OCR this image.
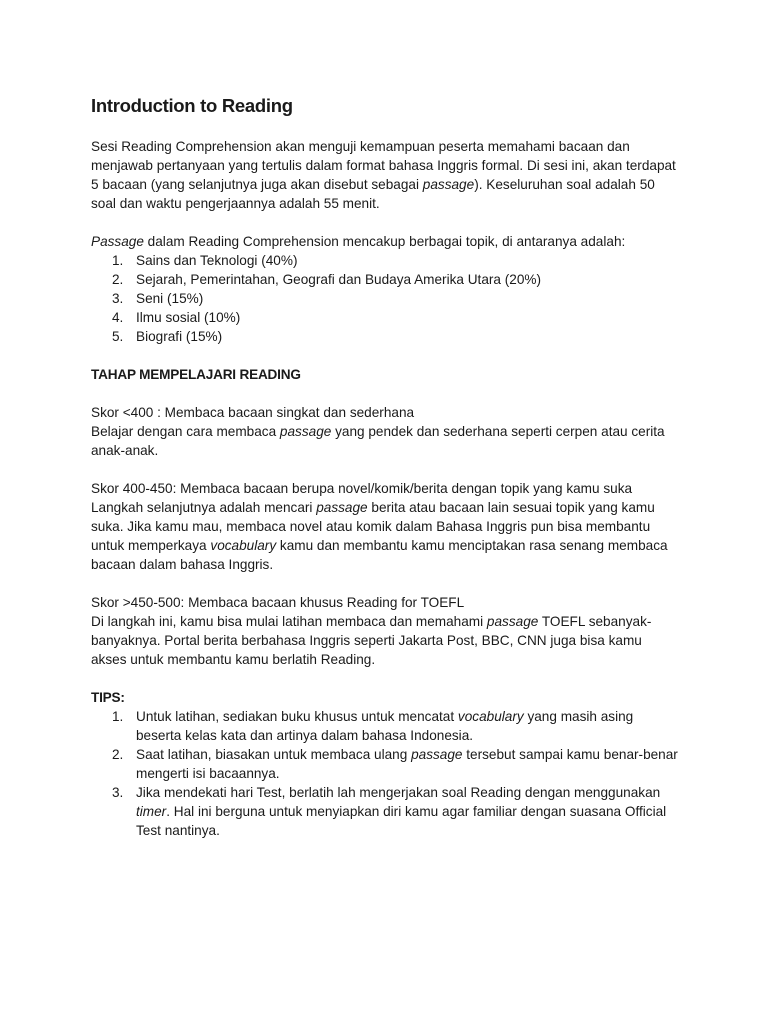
Introduction to Reading

Sesi Reading Comprehension akan menguji kemampuan peserta memahami bacaan dan menjawab pertanyaan yang tertulis dalam format bahasa Inggris formal. Di sesi ini, akan terdapat 5 bacaan (yang selanjutnya juga akan disebut sebagai passage). Keseluruhan soal adalah 50 soal dan waktu pengerjaannya adalah 55 menit.

Passage dalam Reading Comprehension mencakup berbagai topik, di antaranya adalah:

1. Sains dan Teknologi (40%)
2. Sejarah, Pemerintahan, Geografi dan Budaya Amerika Utara (20%)
3. Seni (15%)
4. Ilmu sosial (10%)
5. Biografi (15%)
TAHAP MEMPELAJARI READING

Skor <400 : Membaca bacaan singkat dan sederhana

Belajar dengan cara membaca passage yang pendek dan sederhana seperti cerpen atau cerita anak-anak.

Skor 400-450: Membaca bacaan berupa novel/komik/berita dengan topik yang kamu suka

Langkah selanjutnya adalah mencari passage berita atau bacaan lain sesuai topik yang kamu suka. Jika kamu mau, membaca novel atau komik dalam Bahasa Inggris pun bisa membantu untuk memperkaya vocabulary kamu dan membantu kamu menciptakan rasa senang membaca bacaan dalam bahasa Inggris.

Skor >450-500: Membaca bacaan khusus Reading for TOEFL

Di langkah ini, kamu bisa mulai latihan membaca dan memahami passage TOEFL sebanyak-banyaknya. Portal berita berbahasa Inggris seperti Jakarta Post, BBC, CNN juga bisa kamu akses untuk membantu kamu berlatih Reading.

TIPS:
1. Untuk latihan, sediakan buku khusus untuk mencatat vocabulary yang masih asing beserta kelas kata dan artinya dalam bahasa Indonesia.
2. Saat latihan, biasakan untuk membaca ulang passage tersebut sampai kamu benar-benar mengerti isi bacaannya.
3. Jika mendekati hari Test, berlatih lah mengerjakan soal Reading dengan menggunakan timer. Hal ini berguna untuk menyiapkan diri kamu agar familiar dengan suasana Official Test nantinya.
